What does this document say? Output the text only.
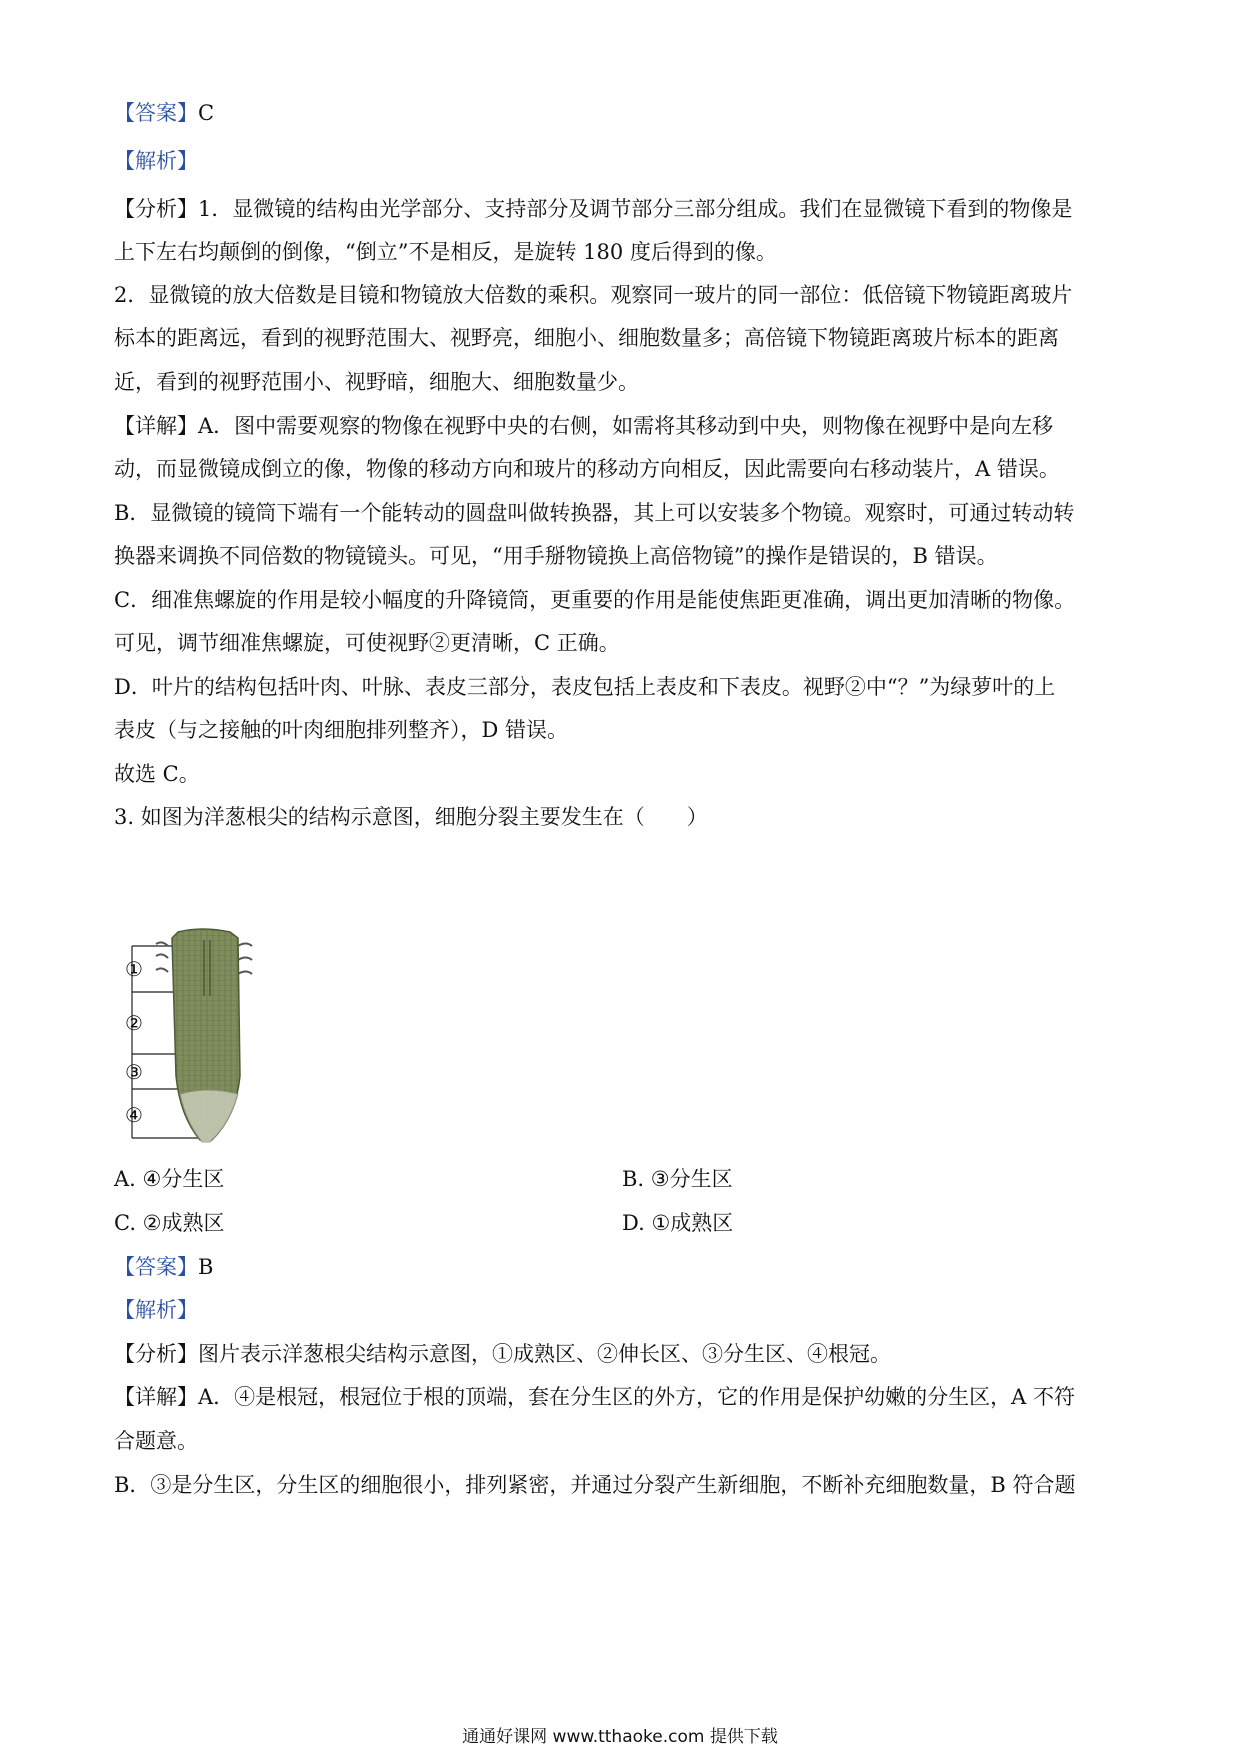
【答案】C
【解析】
【分析】1．显微镜的结构由光学部分、支持部分及调节部分三部分组成。我们在显微镜下看到的物像是
上下左右均颠倒的倒像，“倒立”不是相反，是旋转 180 度后得到的像。
2．显微镜的放大倍数是目镜和物镜放大倍数的乘积。观察同一玻片的同一部位：低倍镜下物镜距离玻片
标本的距离远，看到的视野范围大、视野亮，细胞小、细胞数量多；高倍镜下物镜距离玻片标本的距离
近，看到的视野范围小、视野暗，细胞大、细胞数量少。
【详解】A．图中需要观察的物像在视野中央的右侧，如需将其移动到中央，则物像在视野中是向左移
动，而显微镜成倒立的像，物像的移动方向和玻片的移动方向相反，因此需要向右移动装片，A 错误。
B．显微镜的镜筒下端有一个能转动的圆盘叫做转换器，其上可以安装多个物镜。观察时，可通过转动转
换器来调换不同倍数的物镜镜头。可见，“用手掰物镜换上高倍物镜”的操作是错误的，B 错误。
C．细准焦螺旋的作用是较小幅度的升降镜筒，更重要的作用是能使焦距更准确，调出更加清晰的物像。
可见，调节细准焦螺旋，可使视野②更清晰，C 正确。
D．叶片的结构包括叶肉、叶脉、表皮三部分，表皮包括上表皮和下表皮。视野②中“？”为绿萝叶的上
表皮（与之接触的叶肉细胞排列整齐），D 错误。
故选 C。
3. 如图为洋葱根尖的结构示意图，细胞分裂主要发生在（　　）
①
②
③
④
A. ④分生区	B. ③分生区
C. ②成熟区	D. ①成熟区
【答案】B
【解析】
【分析】图片表示洋葱根尖结构示意图，①成熟区、②伸长区、③分生区、④根冠。
【详解】A．④是根冠，根冠位于根的顶端，套在分生区的外方，它的作用是保护幼嫩的分生区，A 不符
合题意。
B．③是分生区，分生区的细胞很小，排列紧密，并通过分裂产生新细胞，不断补充细胞数量，B 符合题
通通好课网 www.tthaoke.com 提供下载
